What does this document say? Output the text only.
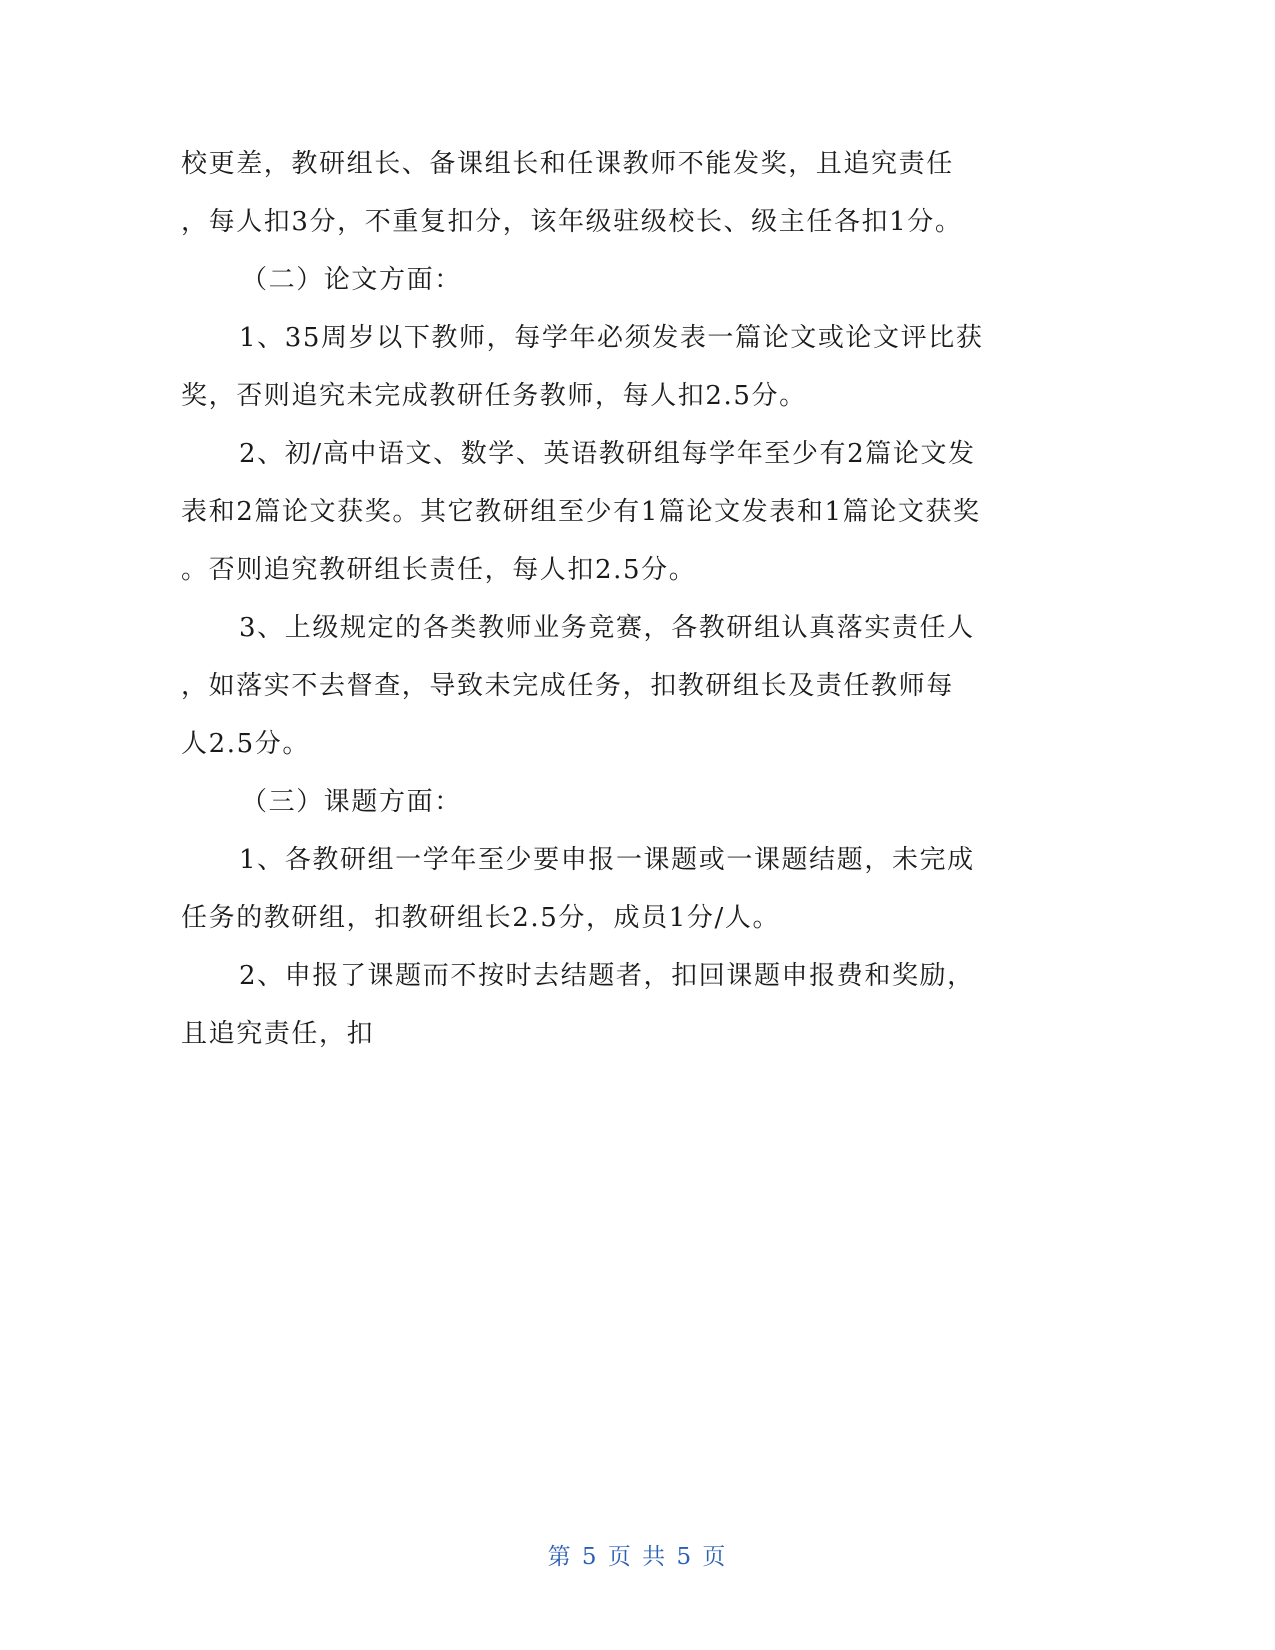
校更差，教研组长、备课组长和任课教师不能发奖，且追究责任
，每人扣3分，不重复扣分，该年级驻级校长、级主任各扣1分。
（二）论文方面：
1、35周岁以下教师，每学年必须发表一篇论文或论文评比获
奖，否则追究未完成教研任务教师，每人扣2.5分。
2、初/高中语文、数学、英语教研组每学年至少有2篇论文发
表和2篇论文获奖。其它教研组至少有1篇论文发表和1篇论文获奖
。否则追究教研组长责任，每人扣2.5分。
3、上级规定的各类教师业务竞赛，各教研组认真落实责任人
，如落实不去督查，导致未完成任务，扣教研组长及责任教师每
人2.5分。
（三）课题方面：
1、各教研组一学年至少要申报一课题或一课题结题，未完成
任务的教研组，扣教研组长2.5分，成员1分/人。
2、申报了课题而不按时去结题者，扣回课题申报费和奖励，
且追究责任，扣
第 5 页 共 5 页
